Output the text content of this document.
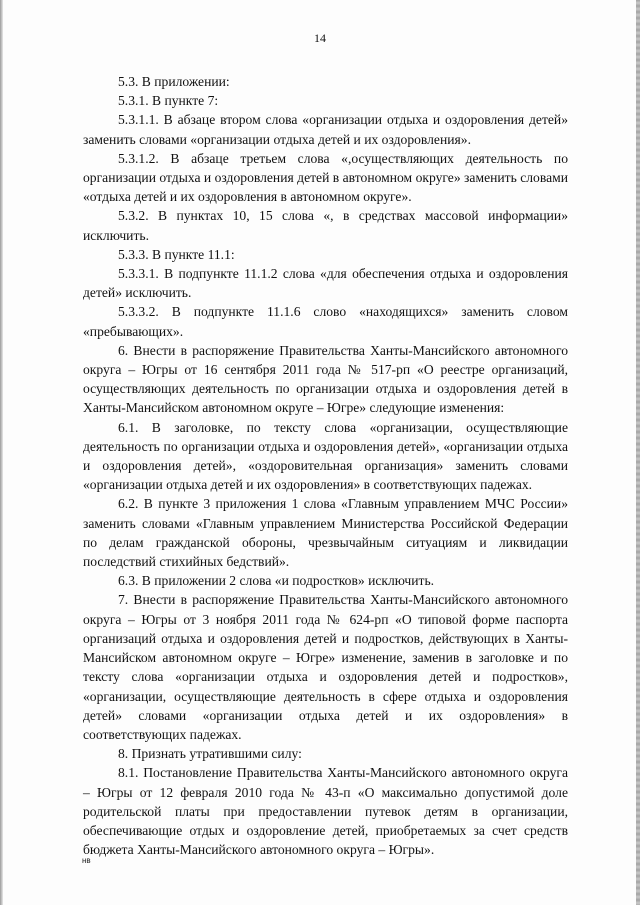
14

5.3. В приложении:

5.3.1. В пункте 7:

5.3.1.1. В абзаце втором слова «организации отдыха и оздоровления детей» заменить словами «организации отдыха детей и их оздоровления».

5.3.1.2. В абзаце третьем слова «,осуществляющих деятельность по организации отдыха и оздоровления детей в автономном округе» заменить словами «отдыха детей и их оздоровления в автономном округе».

5.3.2. В пунктах 10, 15 слова «, в средствах массовой информации» исключить.

5.3.3. В пункте 11.1:

5.3.3.1. В подпункте 11.1.2 слова «для обеспечения отдыха и оздоровления детей» исключить.

5.3.3.2. В подпункте 11.1.6 слово «находящихся» заменить словом «пребывающих».

6. Внести в распоряжение Правительства Ханты-Мансийского автономного округа – Югры от 16 сентября 2011 года № 517-рп «О реестре организаций, осуществляющих деятельность по организации отдыха и оздоровления детей в Ханты-Мансийском автономном округе – Югре» следующие изменения:

6.1. В заголовке, по тексту слова «организации, осуществляющие деятельность по организации отдыха и оздоровления детей», «организации отдыха и оздоровления детей», «оздоровительная организация» заменить словами «организации отдыха детей и их оздоровления» в соответствующих падежах.

6.2. В пункте 3 приложения 1 слова «Главным управлением МЧС России» заменить словами «Главным управлением Министерства Российской Федерации по делам гражданской обороны, чрезвычайным ситуациям и ликвидации последствий стихийных бедствий».

6.3. В приложении 2 слова «и подростков» исключить.

7. Внести в распоряжение Правительства Ханты-Мансийского автономного округа – Югры от 3 ноября 2011 года № 624-рп «О типовой форме паспорта организаций отдыха и оздоровления детей и подростков, действующих в Ханты-Мансийском автономном округе – Югре» изменение, заменив в заголовке и по тексту слова «организации отдыха и оздоровления детей и подростков», «организации, осуществляющие деятельность в сфере отдыха и оздоровления детей» словами «организации отдыха детей и их оздоровления» в соответствующих падежах.

8. Признать утратившими силу:

8.1. Постановление Правительства Ханты-Мансийского автономного округа – Югры от 12 февраля 2010 года № 43-п «О максимально допустимой доле родительской платы при предоставлении путевок детям в организации, обеспечивающие отдых и оздоровление детей, приобретаемых за счет средств бюджета Ханты-Мансийского автономного округа – Югры».

нв
